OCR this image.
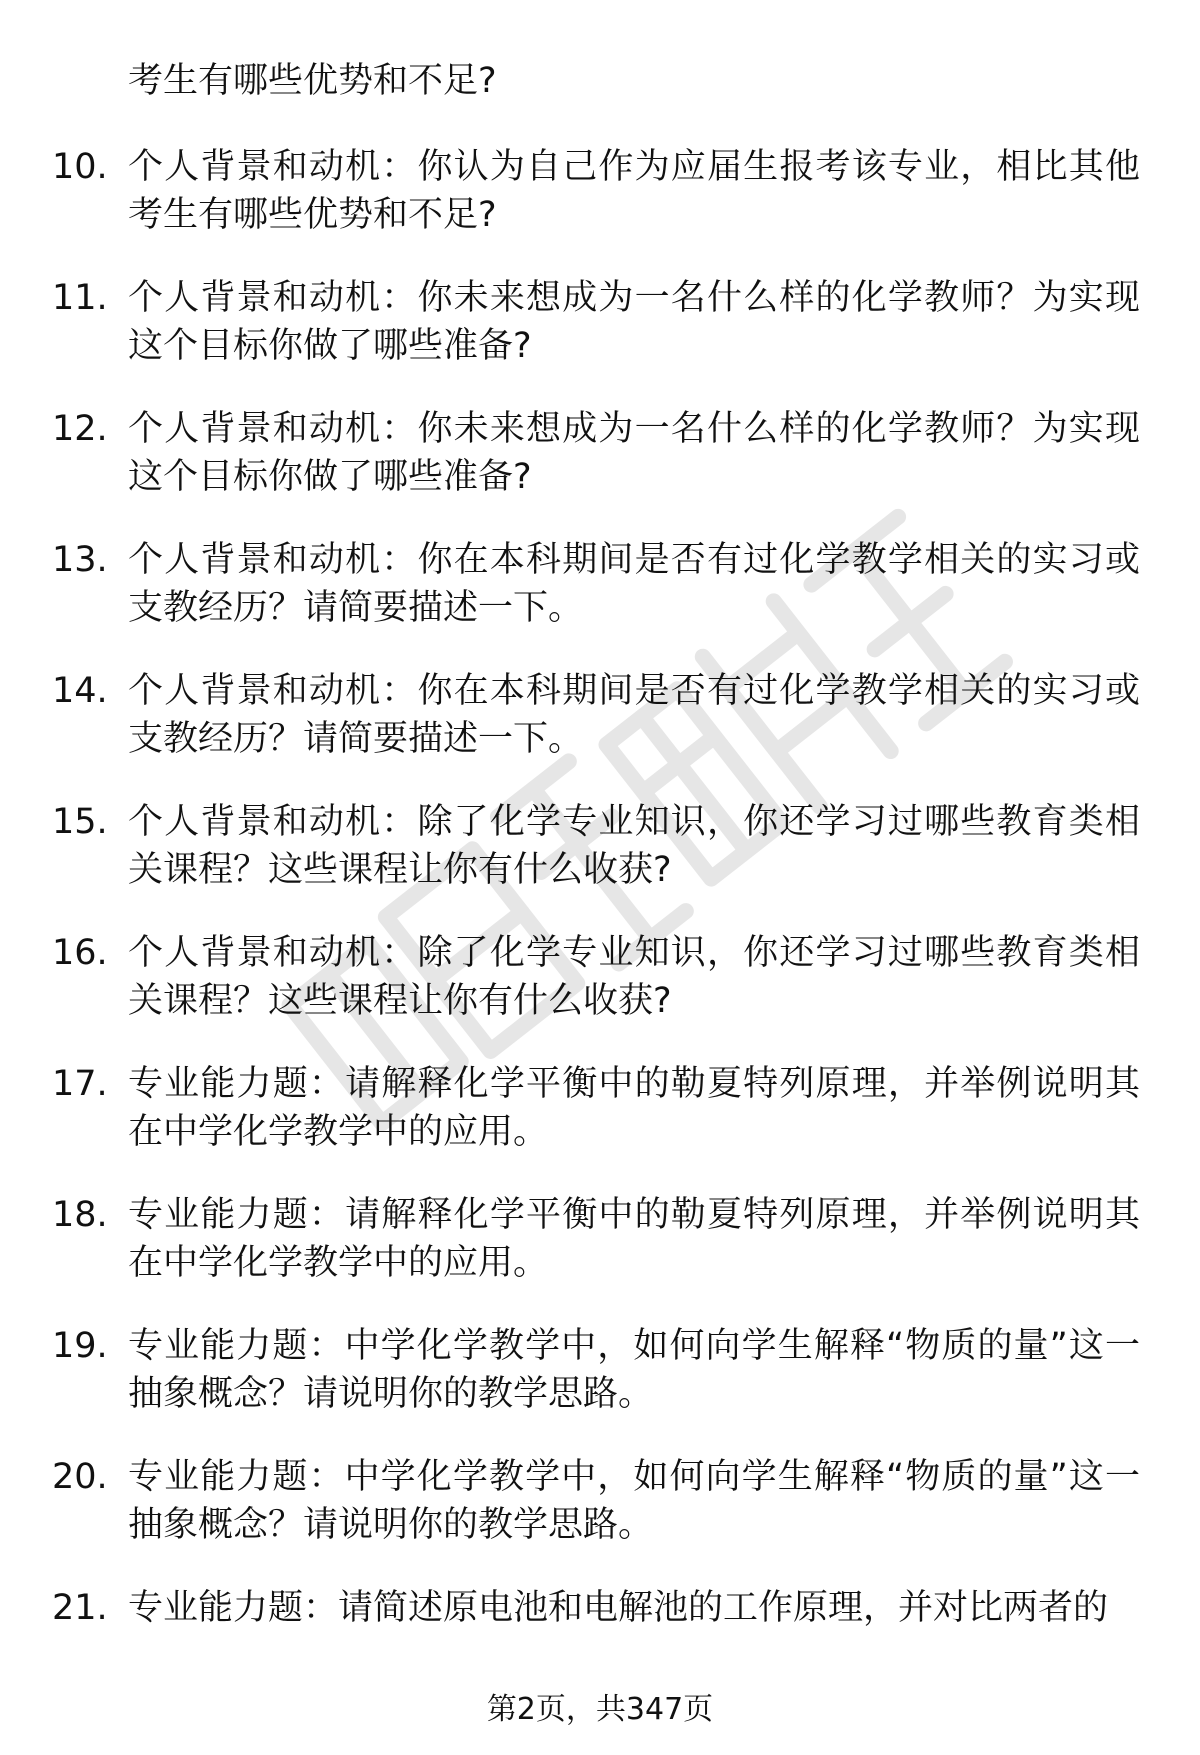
考生有哪些优势和不足?

10. 个人背景和动机：你认为自己作为应届生报考该专业，相比其他考生有哪些优势和不足?
11. 个人背景和动机：你未来想成为一名什么样的化学教师？为实现这个目标你做了哪些准备?
12. 个人背景和动机：你未来想成为一名什么样的化学教师？为实现这个目标你做了哪些准备?
13. 个人背景和动机：你在本科期间是否有过化学教学相关的实习或支教经历？请简要描述一下。
14. 个人背景和动机：你在本科期间是否有过化学教学相关的实习或支教经历？请简要描述一下。
15. 个人背景和动机：除了化学专业知识，你还学习过哪些教育类相关课程？这些课程让你有什么收获?
16. 个人背景和动机：除了化学专业知识，你还学习过哪些教育类相关课程？这些课程让你有什么收获?
17. 专业能力题：请解释化学平衡中的勒夏特列原理，并举例说明其在中学化学教学中的应用。
18. 专业能力题：请解释化学平衡中的勒夏特列原理，并举例说明其在中学化学教学中的应用。
19. 专业能力题：中学化学教学中，如何向学生解释“物质的量”这一抽象概念？请说明你的教学思路。
20. 专业能力题：中学化学教学中，如何向学生解释“物质的量”这一抽象概念？请说明你的教学思路。
21. 专业能力题：请简述原电池和电解池的工作原理，并对比两者的
第2页，共347页
